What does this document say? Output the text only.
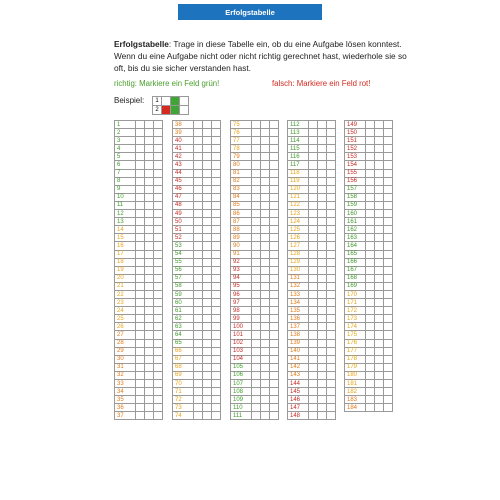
Erfolgstabelle
Erfolgstabelle: Trage in diese Tabelle ein, ob du eine Aufgabe lösen konntest. Wenn du eine Aufgabe nicht oder nicht richtig gerechnet hast, wiederhole sie so oft, bis du sie sicher verstanden hast.
richtig: Markiere ein Feld grün!	falsch: Markiere ein Feld rot!
Beispiel: 1			
2			
1			
2			
3			
4			
5			
6			
7			
8			
9			
10			
11			
12			
13			
14			
15			
16			
17			
18			
19			
20			
21			
22			
23			
24			
25			
26			
27			
28			
29			
30			
31			
32			
33			
34			
35			
36			
37			
38			
39			
40			
41			
42			
43			
44			
45			
46			
47			
48			
49			
50			
51			
52			
53			
54			
55			
56			
57			
58			
59			
60			
61			
62			
63			
64			
65			
66			
67			
68			
69			
70			
71			
72			
73			
74			
75			
76			
77			
78			
79			
80			
81			
82			
83			
84			
85			
86			
87			
88			
89			
90			
91			
92			
93			
94			
95			
96			
97			
98			
99			
100			
101			
102			
103			
104			
105			
106			
107			
108			
109			
110			
111			
112			
113			
114			
115			
116			
117			
118			
119			
120			
121			
122			
123			
124			
125			
126			
127			
128			
129			
130			
131			
132			
133			
134			
135			
136			
137			
138			
139			
140			
141			
142			
143			
144			
145			
146			
147			
148			
149			
150			
151			
152			
153			
154			
155			
156			
157			
158			
159			
160			
161			
162			
163			
164			
165			
166			
167			
168			
169			
170			
171			
172			
173			
174			
175			
176			
177			
178			
179			
180			
181			
182			
183			
184			
